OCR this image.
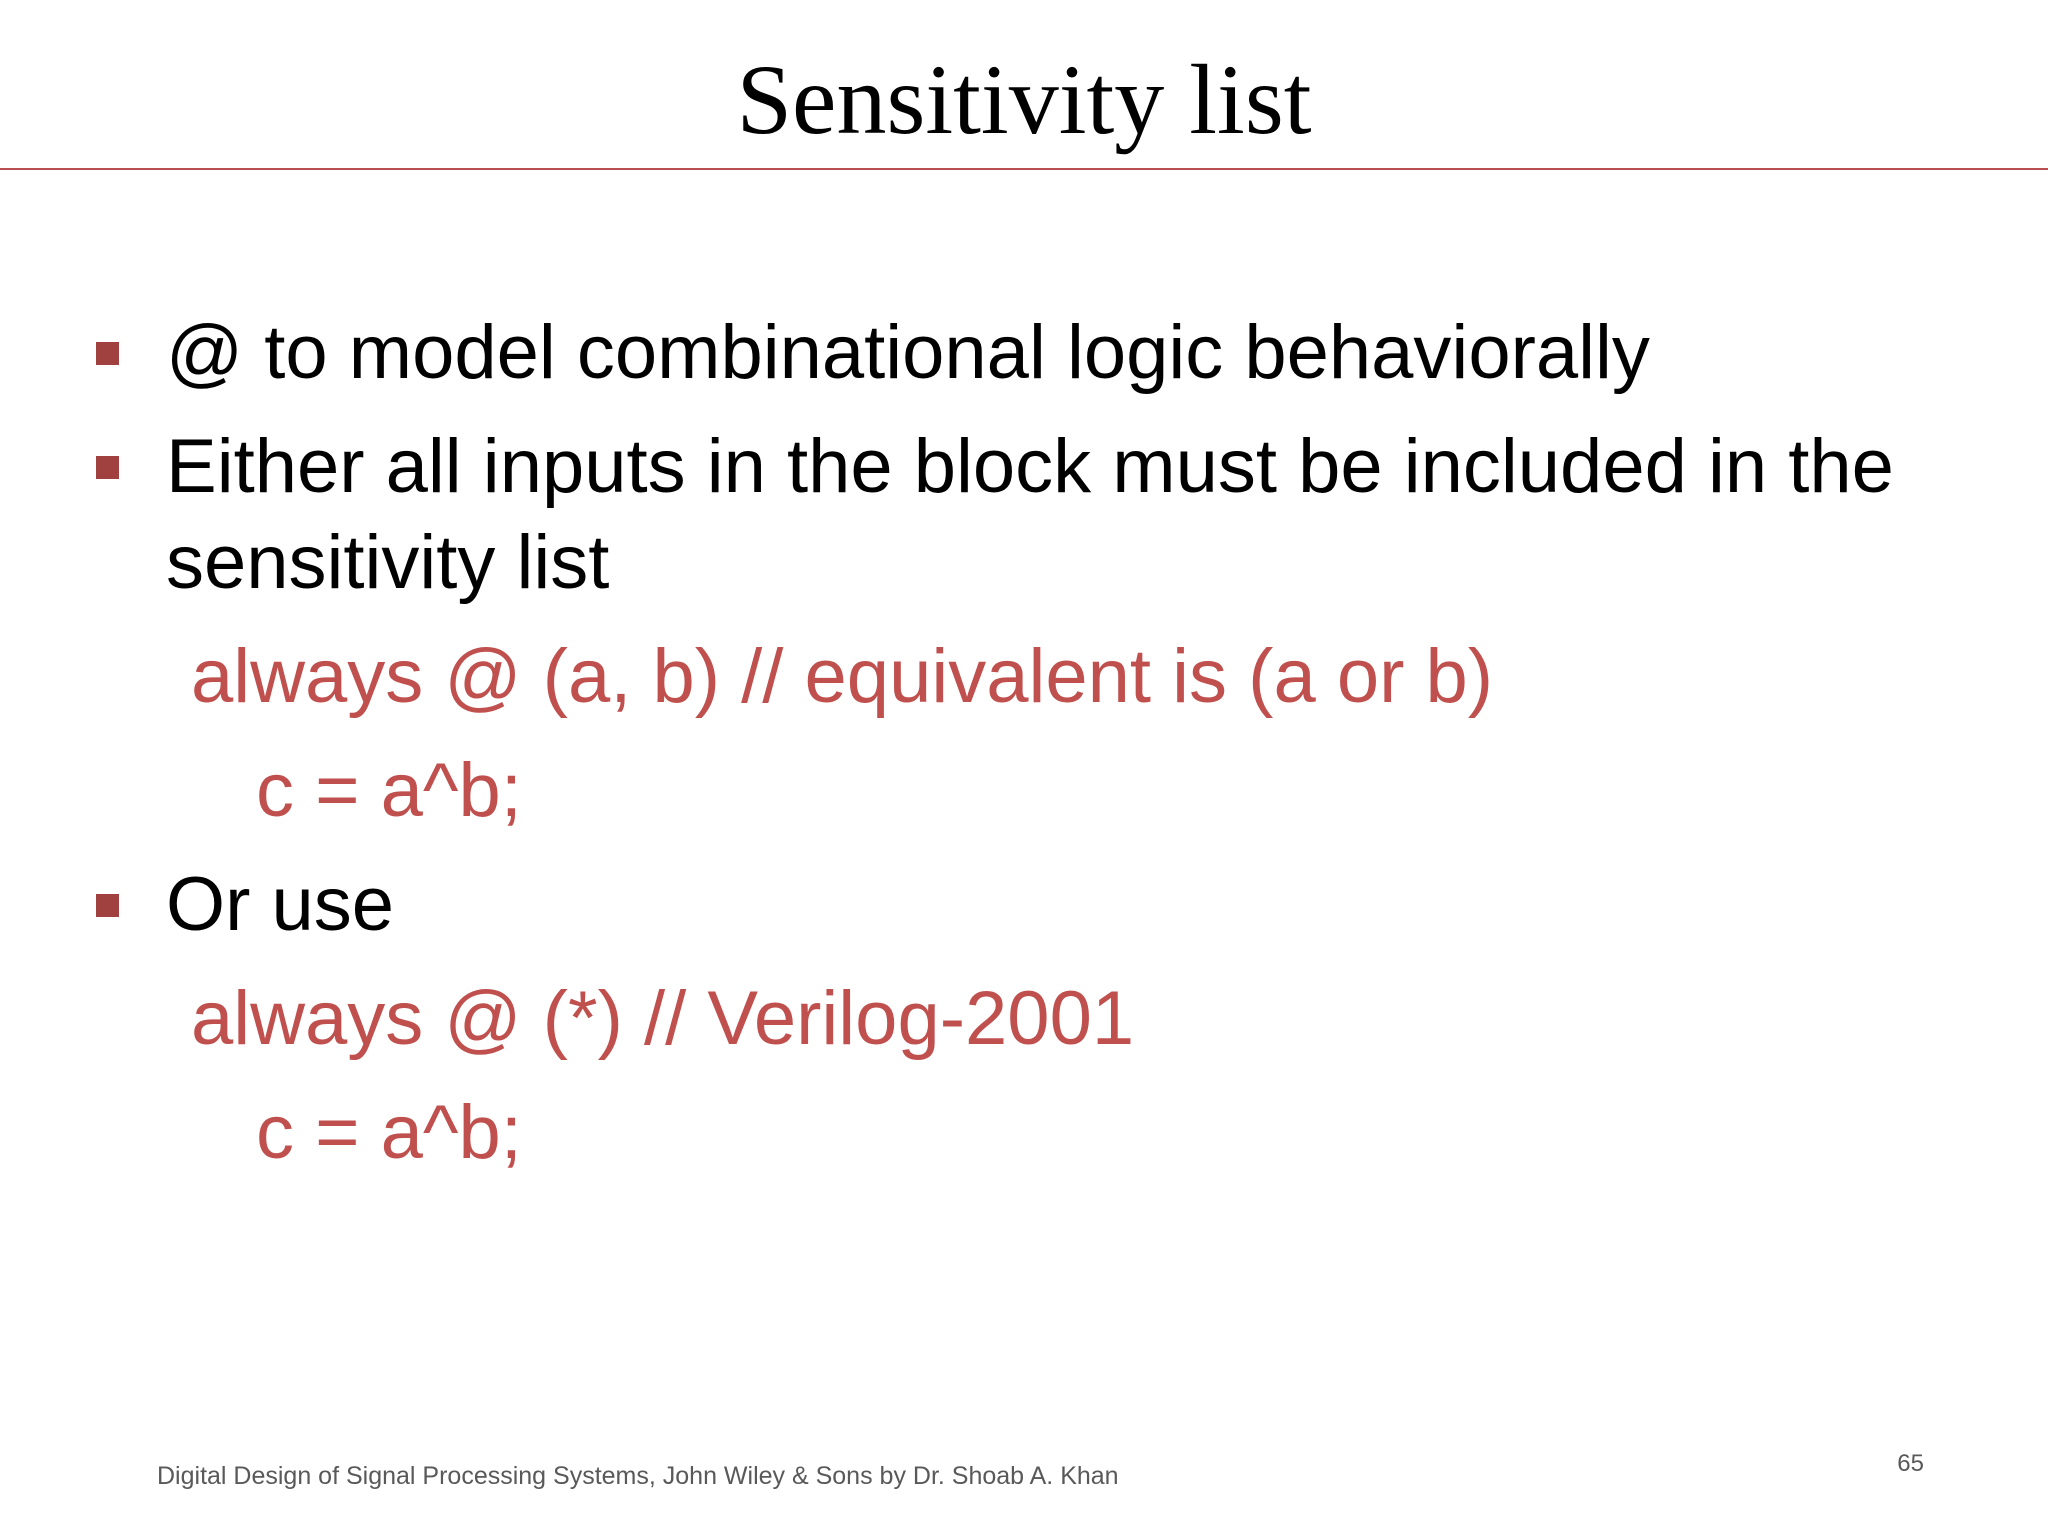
Sensitivity list
@ to model combinational logic behaviorally
Either all inputs in the block must be included in the
sensitivity list
always @ (a, b) // equivalent is (a or b)
c = a^b;
Or use
always @ (*) // Verilog-2001
c = a^b;
Digital Design of Signal Processing Systems, John Wiley & Sons by Dr. Shoab A. Khan	65
